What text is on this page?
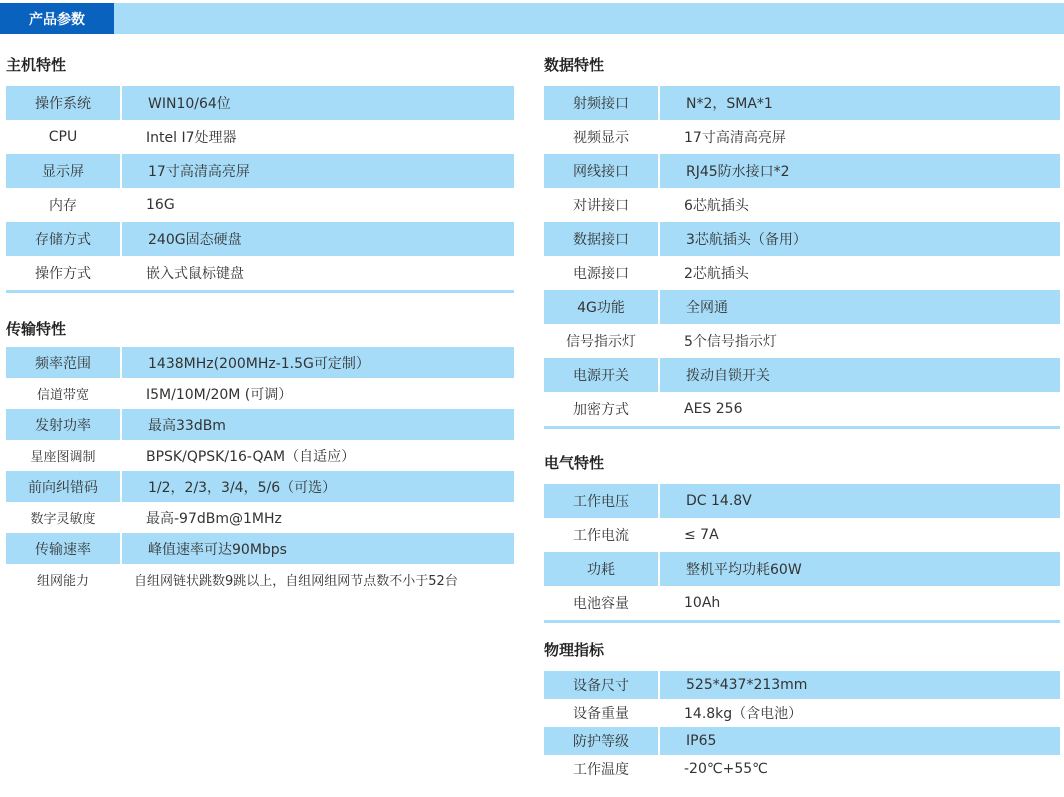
产品参数
主机特性
操作系统	WIN10/64位
CPU	Intel I7处理器
显示屏	17寸高清高亮屏
内存	16G
存储方式	240G固态硬盘
操作方式	嵌入式鼠标键盘
传输特性
频率范围	1438MHz(200MHz-1.5G可定制）
信道带宽	I5M/10M/20M (可调）
发射功率	最高33dBm
星座图调制	BPSK/QPSK/16-QAM（自适应）
前向纠错码	1/2，2/3，3/4，5/6（可选）
数字灵敏度	最高-97dBm@1MHz
传输速率	峰值速率可达90Mbps
组网能力	自组网链状跳数9跳以上，自组网组网节点数不小于52台
数据特性
射频接口	N*2，SMA*1
视频显示	17寸高清高亮屏
网线接口	RJ45防水接口*2
对讲接口	6芯航插头
数据接口	3芯航插头（备用）
电源接口	2芯航插头
4G功能	全网通
信号指示灯	5个信号指示灯
电源开关	拨动自锁开关
加密方式	AES 256
电气特性
工作电压	DC 14.8V
工作电流	≤ 7A
功耗	整机平均功耗60W
电池容量	10Ah
物理指标
设备尺寸	525*437*213mm
设备重量	14.8kg（含电池）
防护等级	IP65
工作温度	-20℃+55℃
